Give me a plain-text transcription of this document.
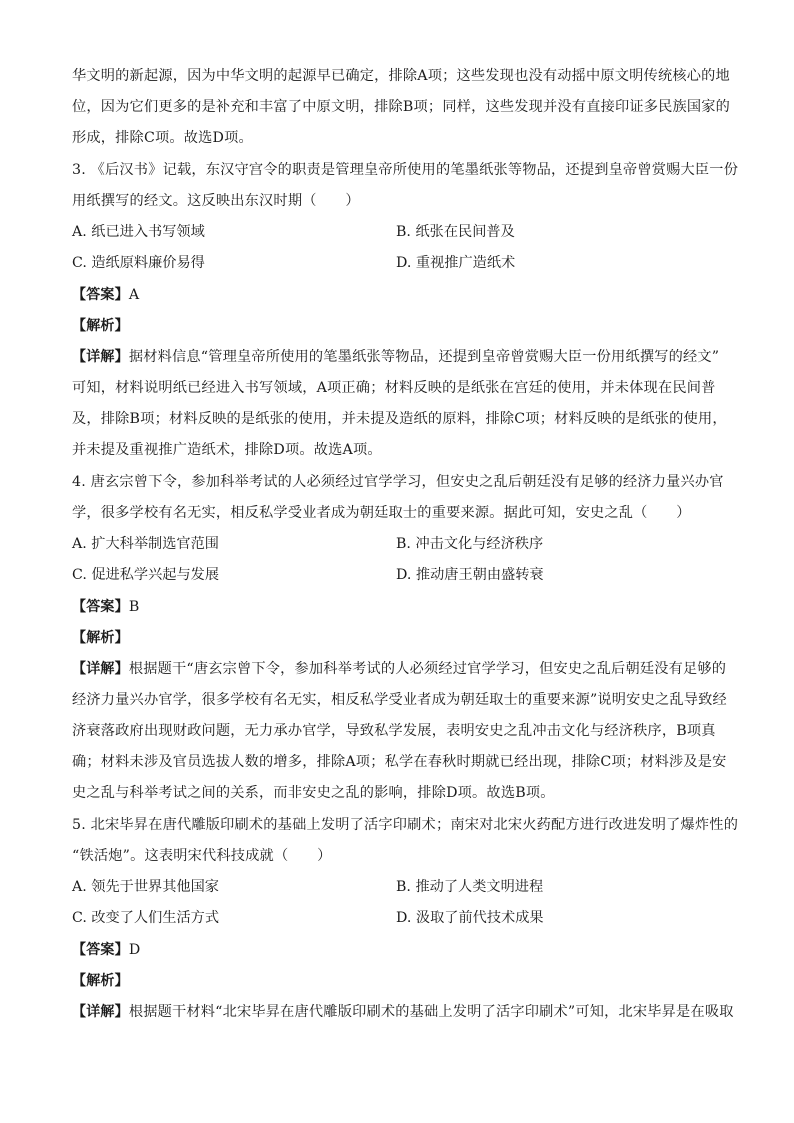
华文明的新起源，因为中华文明的起源早已确定，排除A项；这些发现也没有动摇中原文明传统核心的地
位，因为它们更多的是补充和丰富了中原文明，排除B项；同样，这些发现并没有直接印证多民族国家的
形成，排除C项。故选D项。
3. 《后汉书》记载，东汉守宫令的职责是管理皇帝所使用的笔墨纸张等物品，还提到皇帝曾赏赐大臣一份
用纸撰写的经文。这反映出东汉时期（　　）
A. 纸已进入书写领域	B. 纸张在民间普及
C. 造纸原料廉价易得	D. 重视推广造纸术
【答案】A
【解析】
【详解】据材料信息“管理皇帝所使用的笔墨纸张等物品，还提到皇帝曾赏赐大臣一份用纸撰写的经文”
可知，材料说明纸已经进入书写领域，A项正确；材料反映的是纸张在宫廷的使用，并未体现在民间普
及，排除B项；材料反映的是纸张的使用，并未提及造纸的原料，排除C项；材料反映的是纸张的使用，
并未提及重视推广造纸术，排除D项。故选A项。
4. 唐玄宗曾下令，参加科举考试的人必须经过官学学习，但安史之乱后朝廷没有足够的经济力量兴办官
学，很多学校有名无实，相反私学受业者成为朝廷取士的重要来源。据此可知，安史之乱（　　）
A. 扩大科举制选官范围	B. 冲击文化与经济秩序
C. 促进私学兴起与发展	D. 推动唐王朝由盛转衰
【答案】B
【解析】
【详解】根据题干“唐玄宗曾下令，参加科举考试的人必须经过官学学习，但安史之乱后朝廷没有足够的
经济力量兴办官学，很多学校有名无实，相反私学受业者成为朝廷取士的重要来源”说明安史之乱导致经
济衰落政府出现财政问题，无力承办官学，导致私学发展，表明安史之乱冲击文化与经济秩序，B项真
确；材料未涉及官员选拔人数的增多，排除A项；私学在春秋时期就已经出现，排除C项；材料涉及是安
史之乱与科举考试之间的关系，而非安史之乱的影响，排除D项。故选B项。
5. 北宋毕昇在唐代雕版印刷术的基础上发明了活字印刷术；南宋对北宋火药配方进行改进发明了爆炸性的
“铁活炮”。这表明宋代科技成就（　　）
A. 领先于世界其他国家	B. 推动了人类文明进程
C. 改变了人们生活方式	D. 汲取了前代技术成果
【答案】D
【解析】
【详解】根据题干材料“北宋毕昇在唐代雕版印刷术的基础上发明了活字印刷术”可知，北宋毕昇是在吸取
